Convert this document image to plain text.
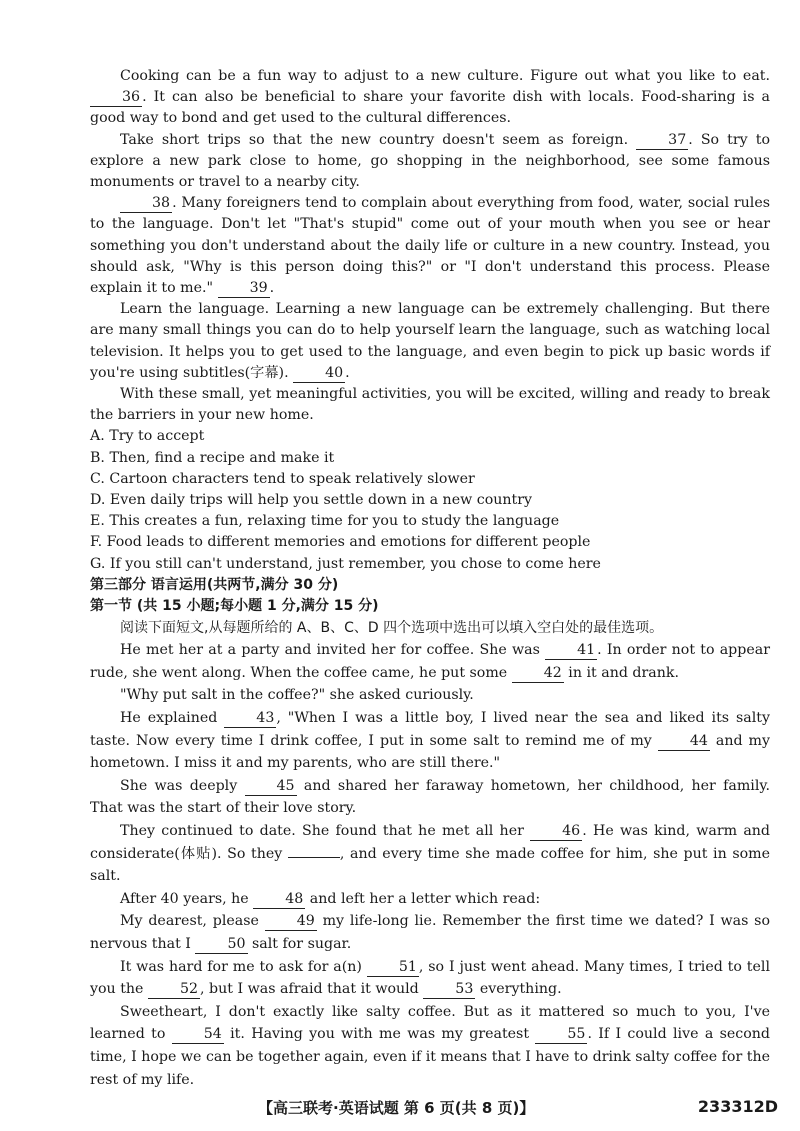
Cooking can be a fun way to adjust to a new culture. Figure out what you like to eat. 36 . It can also be beneficial to share your favorite dish with locals. Food-sharing is a good way to bond and get used to the cultural differences.

Take short trips so that the new country doesn't seem as foreign.	37 . So try to explore a new park close to home, go shopping in the neighborhood, see some famous monuments or travel to a nearby city.

38 . Many foreigners tend to complain about everything from food, water, social rules to the language. Don't let "That's stupid" come out of your mouth when you see or hear something you don't understand about the daily life or culture in a new country. Instead, you should ask, "Why is this person doing this?" or "I don't understand this process. Please explain it to me."	39 .

Learn the language. Learning a new language can be extremely challenging. But there are many small things you can do to help yourself learn the language, such as watching local television. It helps you to get used to the language, and even begin to pick up basic words if you're using subtitles(字幕).	40 .

With these small, yet meaningful activities, you will be excited, willing and ready to break the barriers in your new home.

A. Try to accept
B. Then, find a recipe and make it
C. Cartoon characters tend to speak relatively slower
D. Even daily trips will help you settle down in a new country
E. This creates a fun, relaxing time for you to study the language
F. Food leads to different memories and emotions for different people
G. If you still can't understand, just remember, you chose to come here
第三部分 语言运用(共两节,满分 30 分)
第一节 (共 15 小题;每小题 1 分,满分 15 分)
阅读下面短文,从每题所给的 A、B、C、D 四个选项中选出可以填入空白处的最佳选项。

He met her at a party and invited her for coffee. She was	41 . In order not to appear rude, she went along. When the coffee came, he put some	42 in it and drank.

"Why put salt in the coffee?" she asked curiously.

He explained	43 , "When I was a little boy, I lived near the sea and liked its salty taste. Now every time I drink coffee, I put in some salt to remind me of my	44 and my hometown. I miss it and my parents, who are still there."

She was deeply	45 and shared her faraway hometown, her childhood, her family. That was the start of their love story.

They continued to date. She found that he met all her	46 . He was kind, warm and considerate(体贴). So they	, and every time she made coffee for him, she put in some salt.

After 40 years, he	48 and left her a letter which read:

My dearest, please	49 my life-long lie. Remember the first time we dated? I was so nervous that I	50 salt for sugar.

It was hard for me to ask for a(n)	51 , so I just went ahead. Many times, I tried to tell you the	52 , but I was afraid that it would	53 everything.

Sweetheart, I don't exactly like salty coffee. But as it mattered so much to you, I've learned to	54 it. Having you with me was my greatest	55 . If I could live a second time, I hope we can be together again, even if it means that I have to drink salty coffee for the rest of my life.

【高三联考·英语试题 第 6 页(共 8 页)】	233312D
